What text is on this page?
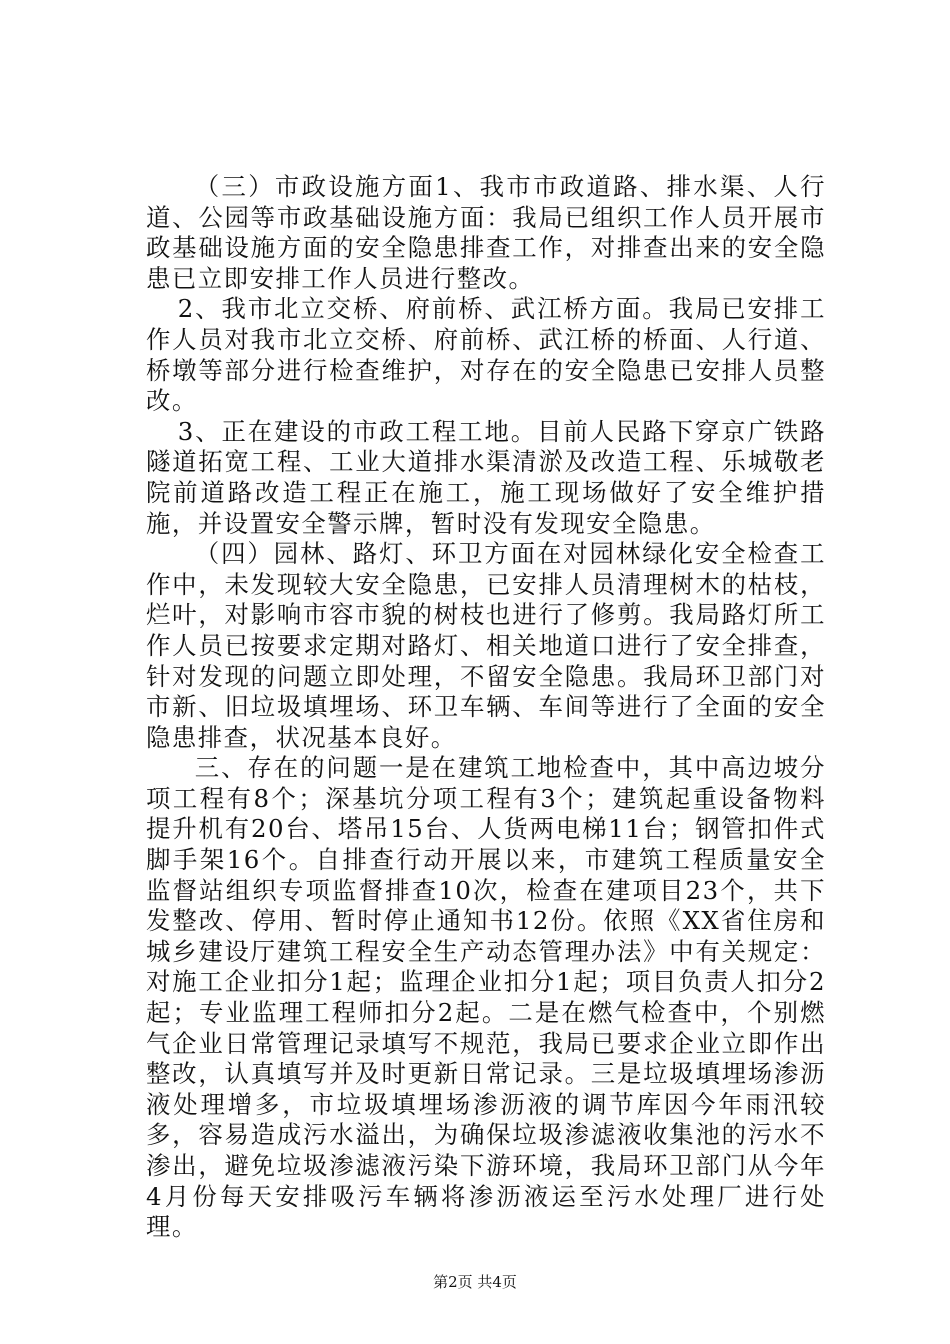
（三）市政设施方面1、我市市政道路、排水渠、人行道、公园等市政基础设施方面：我局已组织工作人员开展市政基础设施方面的安全隐患排查工作，对排查出来的安全隐患已立即安排工作人员进行整改。

2、我市北立交桥、府前桥、武江桥方面。我局已安排工作人员对我市北立交桥、府前桥、武江桥的桥面、人行道、桥墩等部分进行检查维护，对存在的安全隐患已安排人员整改。

3、正在建设的市政工程工地。目前人民路下穿京广铁路隧道拓宽工程、工业大道排水渠清淤及改造工程、乐城敬老院前道路改造工程正在施工，施工现场做好了安全维护措施，并设置安全警示牌，暂时没有发现安全隐患。

（四）园林、路灯、环卫方面在对园林绿化安全检查工作中，未发现较大安全隐患，已安排人员清理树木的枯枝，烂叶，对影响市容市貌的树枝也进行了修剪。我局路灯所工作人员已按要求定期对路灯、相关地道口进行了安全排查，针对发现的问题立即处理，不留安全隐患。我局环卫部门对市新、旧垃圾填埋场、环卫车辆、车间等进行了全面的安全隐患排查，状况基本良好。

三、存在的问题一是在建筑工地检查中，其中高边坡分项工程有8个；深基坑分项工程有3个；建筑起重设备物料提升机有20台、塔吊15台、人货两电梯11台；钢管扣件式脚手架16个。自排查行动开展以来，市建筑工程质量安全监督站组织专项监督排查10次，检查在建项目23个，共下发整改、停用、暂时停止通知书12份。依照《XX省住房和城乡建设厅建筑工程安全生产动态管理办法》中有关规定：对施工企业扣分1起；监理企业扣分1起；项目负责人扣分2起；专业监理工程师扣分2起。二是在燃气检查中，个别燃气企业日常管理记录填写不规范，我局已要求企业立即作出整改，认真填写并及时更新日常记录。三是垃圾填埋场渗沥液处理增多，市垃圾填埋场渗沥液的调节库因今年雨汛较多，容易造成污水溢出，为确保垃圾渗滤液收集池的污水不渗出，避免垃圾渗滤液污染下游环境，我局环卫部门从今年4月份每天安排吸污车辆将渗沥液运至污水处理厂进行处理。

第2页 共4页
